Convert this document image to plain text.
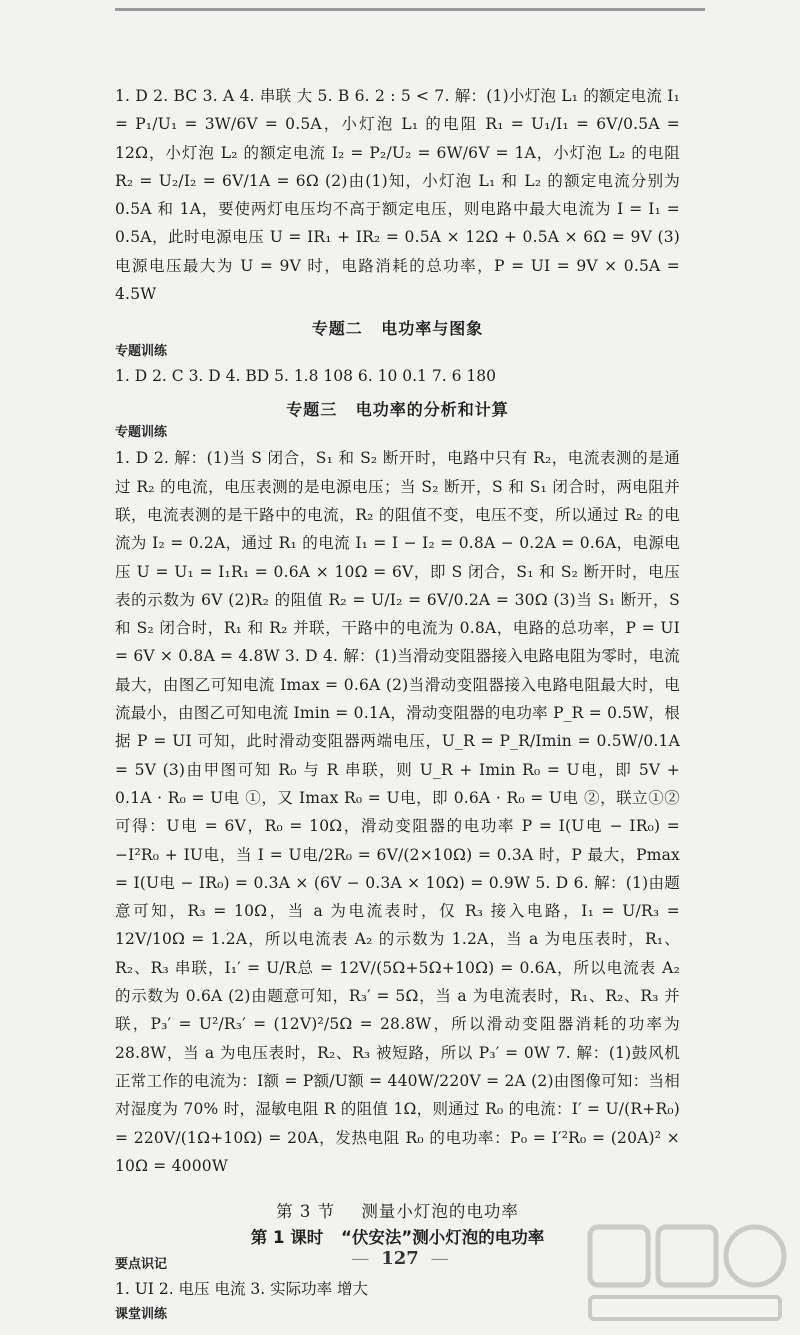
1. D 2. BC 3. A 4. 串联 大 5. B 6. 2 : 5 < 7. 解：(1)小灯泡 L₁ 的额定电流 I₁ = P₁/U₁ = 3W/6V = 0.5A，小灯泡 L₁ 的电阻 R₁ = U₁/I₁ = 6V/0.5A = 12Ω，小灯泡 L₂ 的额定电流 I₂ = P₂/U₂ = 6W/6V = 1A，小灯泡 L₂ 的电阻 R₂ = U₂/I₂ = 6V/1A = 6Ω (2)由(1)知，小灯泡 L₁ 和 L₂ 的额定电流分别为 0.5A 和 1A，要使两灯电压均不高于额定电压，则电路中最大电流为 I = I₁ = 0.5A，此时电源电压 U = IR₁ + IR₂ = 0.5A × 12Ω + 0.5A × 6Ω = 9V (3)电源电压最大为 U = 9V 时，电路消耗的总功率，P = UI = 9V × 0.5A = 4.5W

专题二 电功率与图象
专题训练

1. D 2. C 3. D 4. BD 5. 1.8 108 6. 10 0.1 7. 6 180

专题三 电功率的分析和计算
专题训练

1. D 2. 解：(1)当 S 闭合，S₁ 和 S₂ 断开时，电路中只有 R₂，电流表测的是通过 R₂ 的电流，电压表测的是电源电压；当 S₂ 断开，S 和 S₁ 闭合时，两电阻并联，电流表测的是干路中的电流，R₂ 的阻值不变，电压不变，所以通过 R₂ 的电流为 I₂ = 0.2A，通过 R₁ 的电流 I₁ = I − I₂ = 0.8A − 0.2A = 0.6A，电源电压 U = U₁ = I₁R₁ = 0.6A × 10Ω = 6V，即 S 闭合，S₁ 和 S₂ 断开时，电压表的示数为 6V (2)R₂ 的阻值 R₂ = U/I₂ = 6V/0.2A = 30Ω (3)当 S₁ 断开，S 和 S₂ 闭合时，R₁ 和 R₂ 并联，干路中的电流为 0.8A，电路的总功率，P = UI = 6V × 0.8A = 4.8W 3. D 4. 解：(1)当滑动变阻器接入电路电阻为零时，电流最大，由图乙可知电流 Imax = 0.6A (2)当滑动变阻器接入电路电阻最大时，电流最小，由图乙可知电流 Imin = 0.1A，滑动变阻器的电功率 P_R = 0.5W，根据 P = UI 可知，此时滑动变阻器两端电压，U_R = P_R/Imin = 0.5W/0.1A = 5V (3)由甲图可知 R₀ 与 R 串联，则 U_R + Imin R₀ = U电，即 5V + 0.1A · R₀ = U电 ①，又 Imax R₀ = U电，即 0.6A · R₀ = U电 ②，联立①②可得：U电 = 6V，R₀ = 10Ω，滑动变阻器的电功率 P = I(U电 − IR₀) = −I²R₀ + IU电，当 I = U电/2R₀ = 6V/(2×10Ω) = 0.3A 时，P 最大，Pmax = I(U电 − IR₀) = 0.3A × (6V − 0.3A × 10Ω) = 0.9W 5. D 6. 解：(1)由题意可知，R₃ = 10Ω，当 a 为电流表时，仅 R₃ 接入电路，I₁ = U/R₃ = 12V/10Ω = 1.2A，所以电流表 A₂ 的示数为 1.2A，当 a 为电压表时，R₁、R₂、R₃ 串联，I₁′ = U/R总 = 12V/(5Ω+5Ω+10Ω) = 0.6A，所以电流表 A₂ 的示数为 0.6A (2)由题意可知，R₃′ = 5Ω，当 a 为电流表时，R₁、R₂、R₃ 并联，P₃′ = U²/R₃′ = (12V)²/5Ω = 28.8W，所以滑动变阻器消耗的功率为 28.8W，当 a 为电压表时，R₂、R₃ 被短路，所以 P₃′ = 0W 7. 解：(1)鼓风机正常工作的电流为：I额 = P额/U额 = 440W/220V = 2A (2)由图像可知：当相对湿度为 70% 时，湿敏电阻 R 的阻值 1Ω，则通过 R₀ 的电流：I′ = U/(R+R₀) = 220V/(1Ω+10Ω) = 20A，发热电阻 R₀ 的电功率：P₀ = I′²R₀ = (20A)² × 10Ω = 4000W

第 3 节 测量小灯泡的电功率
第 1 课时 “伏安法”测小灯泡的电功率
要点识记

1. UI 2. 电压 电流 3. 实际功率 增大

课堂训练
— 127 —
